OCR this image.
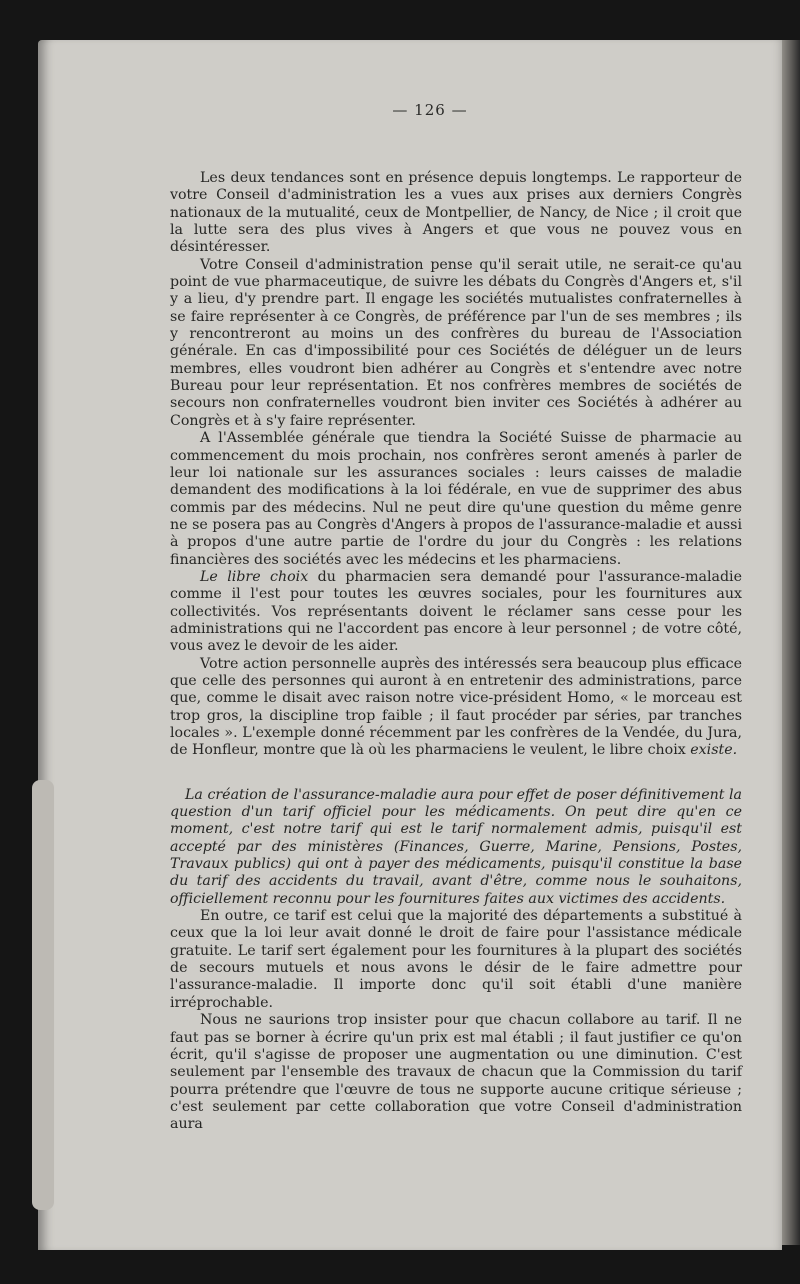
— 126 —

Les deux tendances sont en présence depuis longtemps. Le rapporteur de votre Conseil d'administration les a vues aux prises aux derniers Congrès nationaux de la mutualité, ceux de Montpellier, de Nancy, de Nice ; il croit que la lutte sera des plus vives à Angers et que vous ne pouvez vous en désintéresser.

Votre Conseil d'administration pense qu'il serait utile, ne serait-ce qu'au point de vue pharmaceutique, de suivre les débats du Congrès d'Angers et, s'il y a lieu, d'y prendre part. Il engage les sociétés mutualistes confraternelles à se faire représenter à ce Congrès, de préférence par l'un de ses membres ; ils y rencontreront au moins un des confrères du bureau de l'Association générale. En cas d'impossibilité pour ces Sociétés de déléguer un de leurs membres, elles voudront bien adhérer au Congrès et s'entendre avec notre Bureau pour leur représentation. Et nos confrères membres de sociétés de secours non confraternelles voudront bien inviter ces Sociétés à adhérer au Congrès et à s'y faire représenter.

A l'Assemblée générale que tiendra la Société Suisse de pharmacie au commencement du mois prochain, nos confrères seront amenés à parler de leur loi nationale sur les assurances sociales : leurs caisses de maladie demandent des modifications à la loi fédérale, en vue de supprimer des abus commis par des médecins. Nul ne peut dire qu'une question du même genre ne se posera pas au Congrès d'Angers à propos de l'assurance-maladie et aussi à propos d'une autre partie de l'ordre du jour du Congrès : les relations financières des sociétés avec les médecins et les pharmaciens.

Le libre choix du pharmacien sera demandé pour l'assurance-maladie comme il l'est pour toutes les œuvres sociales, pour les fournitures aux collectivités. Vos représentants doivent le réclamer sans cesse pour les administrations qui ne l'accordent pas encore à leur personnel ; de votre côté, vous avez le devoir de les aider.

Votre action personnelle auprès des intéressés sera beaucoup plus efficace que celle des personnes qui auront à en entretenir des administrations, parce que, comme le disait avec raison notre vice-président Homo, « le morceau est trop gros, la discipline trop faible ; il faut procéder par séries, par tranches locales ». L'exemple donné récemment par les confrères de la Vendée, du Jura, de Honfleur, montre que là où les pharmaciens le veulent, le libre choix existe.

La création de l'assurance-maladie aura pour effet de poser définitivement la question d'un tarif officiel pour les médicaments. On peut dire qu'en ce moment, c'est notre tarif qui est le tarif normalement admis, puisqu'il est accepté par des ministères (Finances, Guerre, Marine, Pensions, Postes, Travaux publics) qui ont à payer des médicaments, puisqu'il constitue la base du tarif des accidents du travail, avant d'être, comme nous le souhaitons, officiellement reconnu pour les fournitures faites aux victimes des accidents.

En outre, ce tarif est celui que la majorité des départements a substitué à ceux que la loi leur avait donné le droit de faire pour l'assistance médicale gratuite. Le tarif sert également pour les fournitures à la plupart des sociétés de secours mutuels et nous avons le désir de le faire admettre pour l'assurance-maladie. Il importe donc qu'il soit établi d'une manière irréprochable.

Nous ne saurions trop insister pour que chacun collabore au tarif. Il ne faut pas se borner à écrire qu'un prix est mal établi ; il faut justifier ce qu'on écrit, qu'il s'agisse de proposer une augmentation ou une diminution. C'est seulement par l'ensemble des travaux de chacun que la Commission du tarif pourra prétendre que l'œuvre de tous ne supporte aucune critique sérieuse ; c'est seulement par cette collaboration que votre Conseil d'administration aura
